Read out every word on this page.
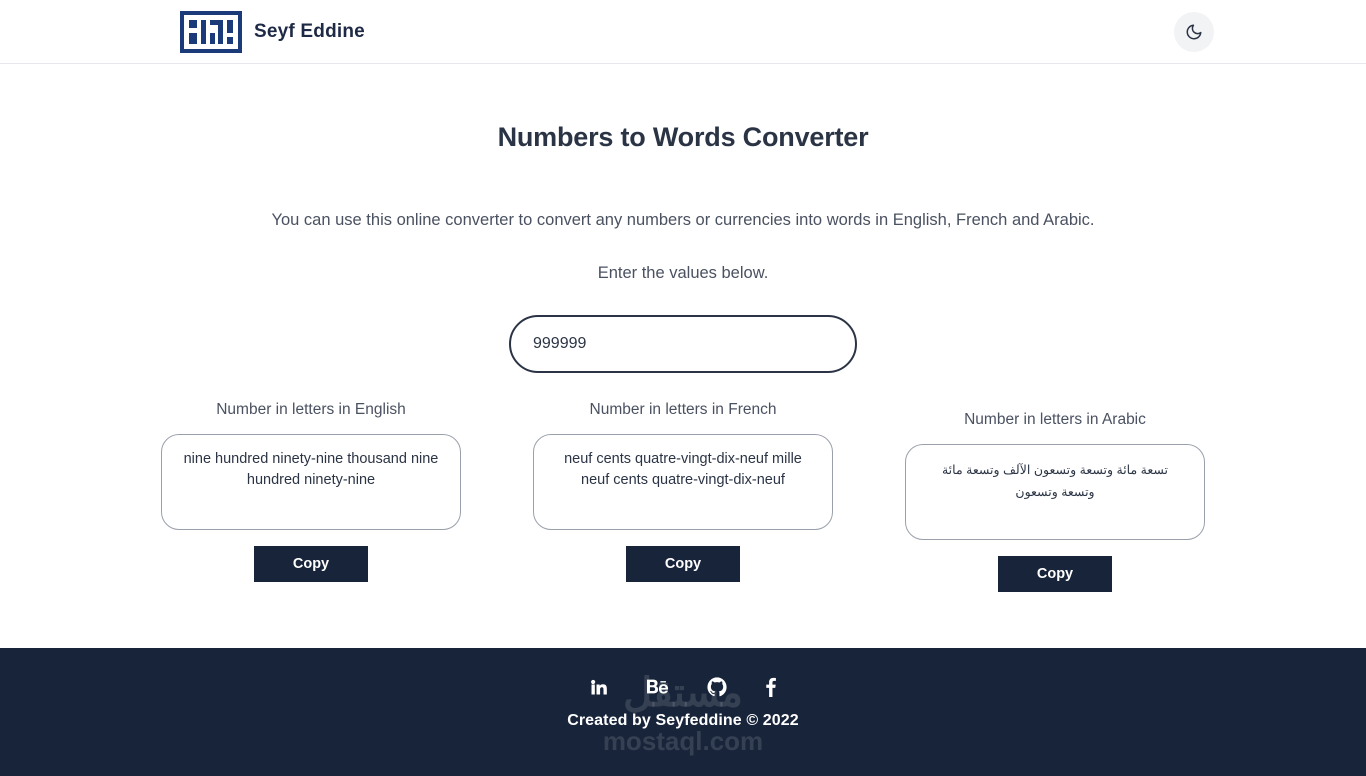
Seyf Eddine
Numbers to Words Converter

You can use this online converter to convert any numbers or currencies into words in English, French and Arabic.

Enter the values below.

999999
Number in letters in English
nine hundred ninety-nine thousand nine hundred ninety-nine
Copy
Number in letters in French
neuf cents quatre-vingt-dix-neuf mille neuf cents quatre-vingt-dix-neuf
Copy
Number in letters in Arabic
تسعة مائة وتسعة وتسعون الآلف وتسعة مائة وتسعة وتسعون
Copy
مستقل
mostaql.com
Created by Seyfeddine © 2022
